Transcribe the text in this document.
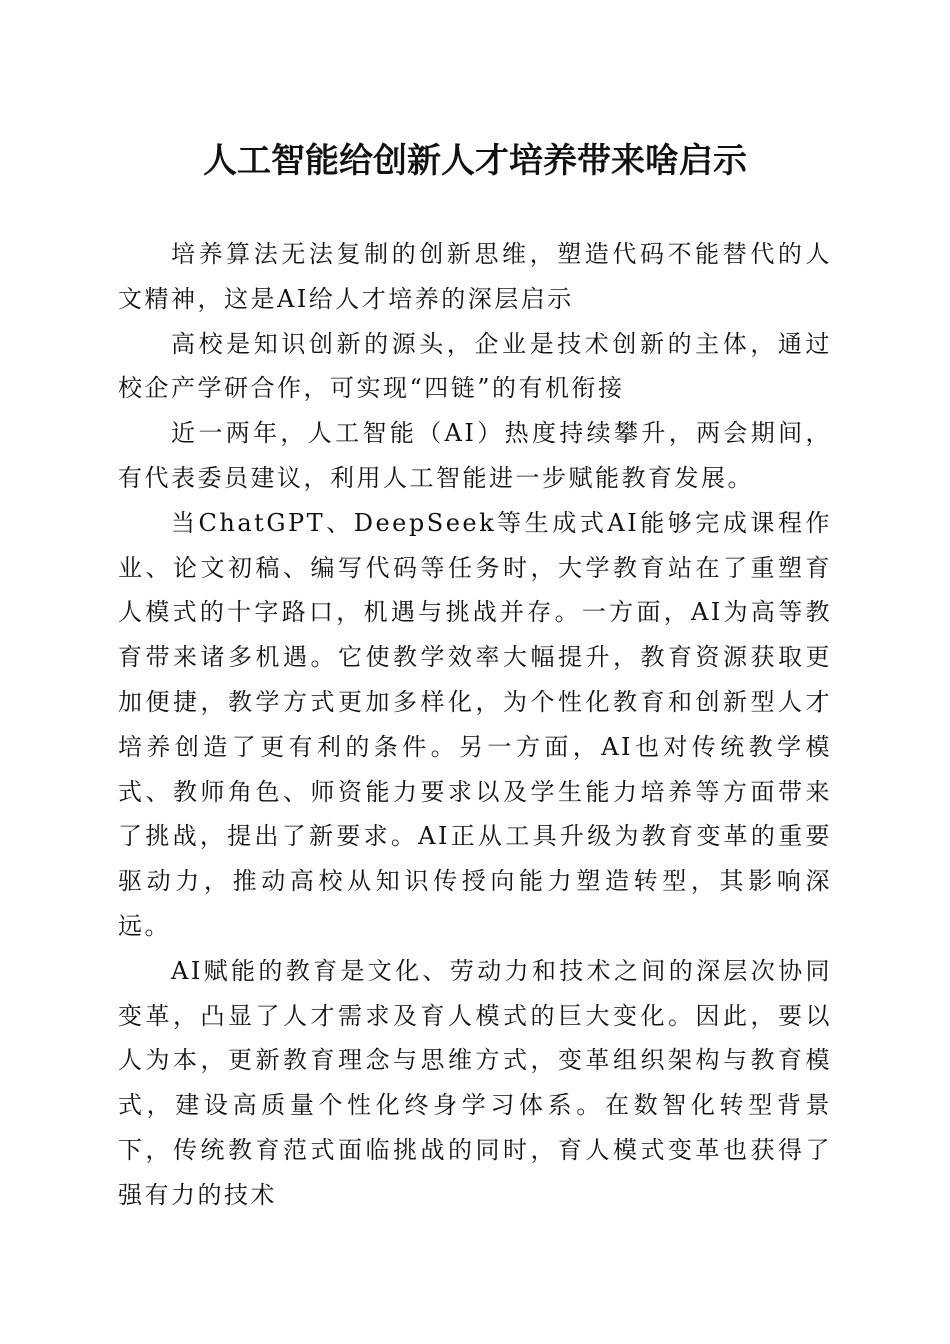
人工智能给创新人才培养带来啥启示

培养算法无法复制的创新思维，塑造代码不能替代的人文精神，这是AI给人才培养的深层启示

高校是知识创新的源头，企业是技术创新的主体，通过校企产学研合作，可实现“四链”的有机衔接

近一两年，人工智能（AI）热度持续攀升，两会期间，有代表委员建议，利用人工智能进一步赋能教育发展。

当ChatGPT、DeepSeek等生成式AI能够完成课程作业、论文初稿、编写代码等任务时，大学教育站在了重塑育人模式的十字路口，机遇与挑战并存。一方面，AI为高等教育带来诸多机遇。它使教学效率大幅提升，教育资源获取更加便捷，教学方式更加多样化，为个性化教育和创新型人才培养创造了更有利的条件。另一方面，AI也对传统教学模式、教师角色、师资能力要求以及学生能力培养等方面带来了挑战，提出了新要求。AI正从工具升级为教育变革的重要驱动力，推动高校从知识传授向能力塑造转型，其影响深远。

AI赋能的教育是文化、劳动力和技术之间的深层次协同变革，凸显了人才需求及育人模式的巨大变化。因此，要以人为本，更新教育理念与思维方式，变革组织架构与教育模式，建设高质量个性化终身学习体系。在数智化转型背景下，传统教育范式面临挑战的同时，育人模式变革也获得了强有力的技术
